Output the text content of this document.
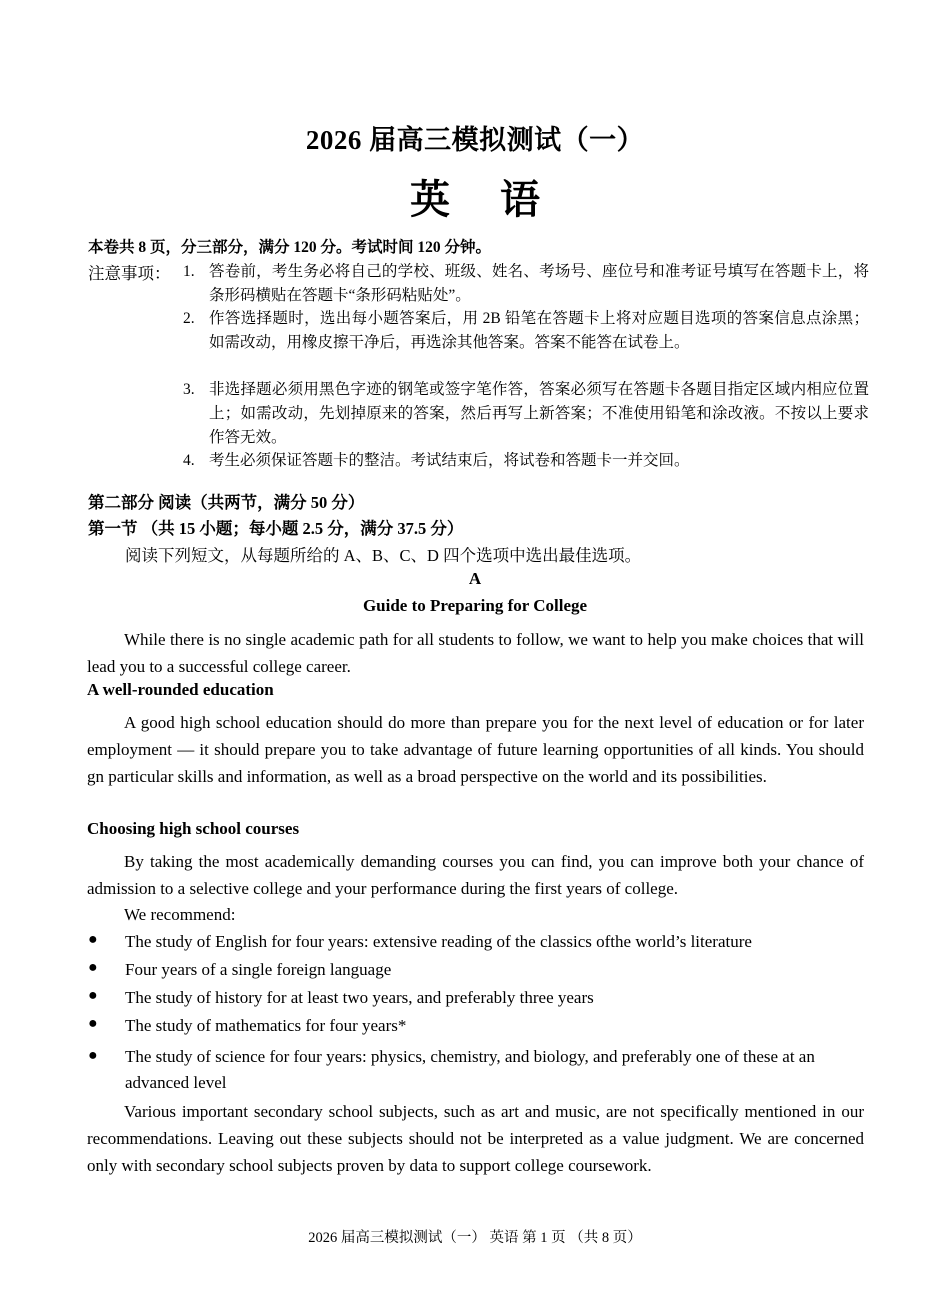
2026 届高三模拟测试（一）
英 语
本卷共 8 页，分三部分，满分 120 分。考试时间 120 分钟。
注意事项： 1. 答卷前，考生务必将自己的学校、班级、姓名、考场号、座位号和准考证号填写在答题卡上，将条形码横贴在答题卡“条形码粘贴处”。
2. 作答选择题时，选出每小题答案后，用 2B 铅笔在答题卡上将对应题目选项的答案信息点涂黑；如需改动，用橡皮擦干净后，再选涂其他答案。答案不能答在试卷上。
3. 非选择题必须用黑色字迹的钢笔或签字笔作答，答案必须写在答题卡各题目指定区域内相应位置上；如需改动，先划掉原来的答案，然后再写上新答案；不准使用铅笔和涂改液。不按以上要求作答无效。
4. 考生必须保证答题卡的整洁。考试结束后，将试卷和答题卡一并交回。
第二部分 阅读（共两节，满分 50 分）
第一节 （共 15 小题；每小题 2.5 分，满分 37.5 分）
阅读下列短文，从每题所给的 A、B、C、D 四个选项中选出最佳选项。
A
Guide to Preparing for College
While there is no single academic path for all students to follow, we want to help you make choices that will lead you to a successful college career.
A well-rounded education
A good high school education should do more than prepare you for the next level of education or for later employment — it should prepare you to take advantage of future learning opportunities of all kinds. You should gn particular skills and information, as well as a broad perspective on the world and its possibilities.
Choosing high school courses
By taking the most academically demanding courses you can find, you can improve both your chance of admission to a selective college and your performance during the first years of college.
We recommend:
● The study of English for four years: extensive reading of the classics ofthe world’s literature
● Four years of a single foreign language
● The study of history for at least two years, and preferably three years
● The study of mathematics for four years*
● The study of science for four years: physics, chemistry, and biology, and preferably one of these at an advanced level
Various important secondary school subjects, such as art and music, are not specifically mentioned in our recommendations. Leaving out these subjects should not be interpreted as a value judgment. We are concerned only with secondary school subjects proven by data to support college coursework.
2026 届高三模拟测试（一） 英语 第 1 页 （共 8 页）
